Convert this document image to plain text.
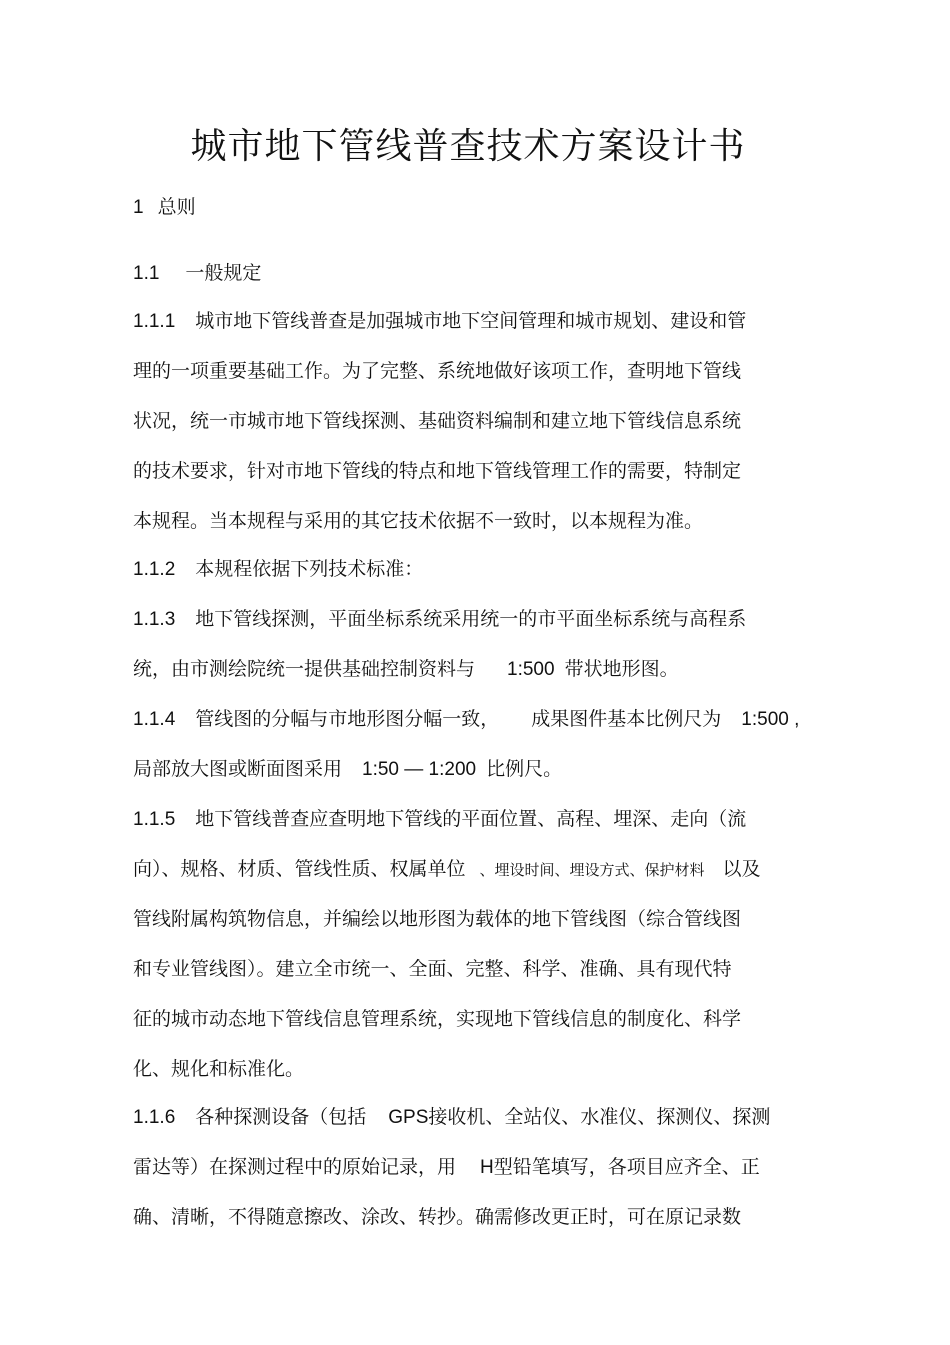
城市地下管线普查技术方案设计书
1 总则
1.1 一般规定
1.1.1 城市地下管线普查是加强城市地下空间管理和城市规划、建设和管
理的一项重要基础工作。为了完整、系统地做好该项工作，查明地下管线
状况，统一市城市地下管线探测、基础资料编制和建立地下管线信息系统
的技术要求，针对市地下管线的特点和地下管线管理工作的需要，特制定
本规程。当本规程与采用的其它技术依据不一致时，以本规程为准。
1.1.2 本规程依据下列技术标准：
1.1.3 地下管线探测，平面坐标系统采用统一的市平面坐标系统与高程系
统，由市测绘院统一提供基础控制资料与 1:500 带状地形图。
1.1.4 管线图的分幅与市地形图分幅一致， 成果图件基本比例尺为 1:500 ,
局部放大图或断面图采用 1:50 — 1:200 比例尺。
1.1.5 地下管线普查应查明地下管线的平面位置、高程、埋深、走向（流
向）、规格、材质、管线性质、权属单位 、埋设时间、埋设方式、保护材料 以及
管线附属构筑物信息，并编绘以地形图为载体的地下管线图（综合管线图
和专业管线图）。建立全市统一、全面、完整、科学、准确、具有现代特
征的城市动态地下管线信息管理系统，实现地下管线信息的制度化、科学
化、规化和标准化。
1.1.6 各种探测设备（包括 GPS接收机、全站仪、水准仪、探测仪、探测
雷达等）在探测过程中的原始记录，用 H型铅笔填写，各项目应齐全、正
确、清晰，不得随意擦改、涂改、转抄。确需修改更正时，可在原记录数
